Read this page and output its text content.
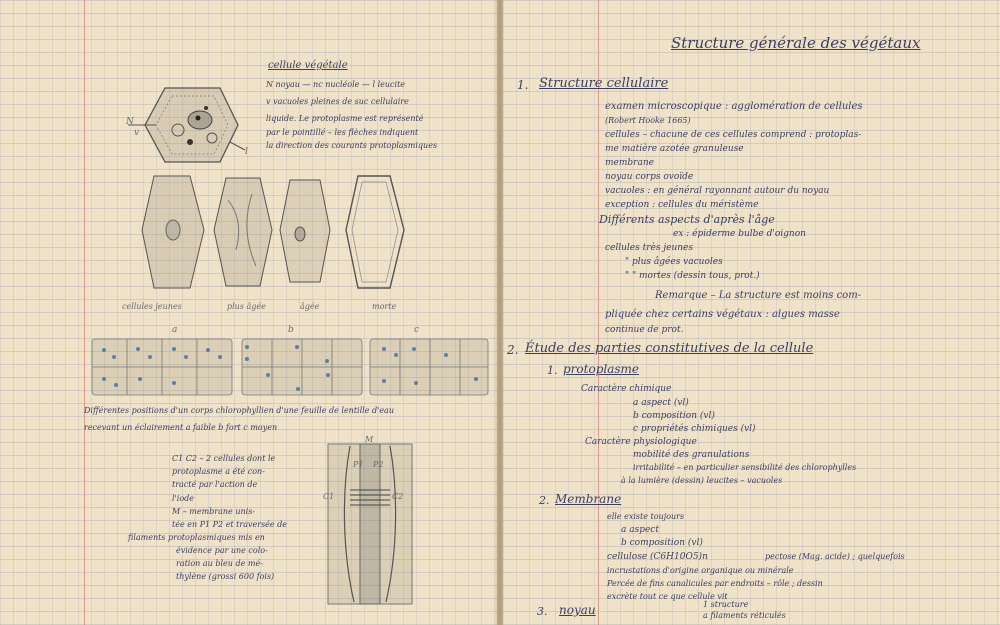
N
v
l
cellule végétale
N noyau — nc nucléole — l leucite
v vacuoles pleines de suc cellulaire
liquide. Le protoplasme est représenté
par le pointillé – les flèches indiquent
la direction des courants protoplasmiques
cellules jeunes	plus âgée	âgée	morte
a	b	c
Différentes positions d'un corps chlorophyllien d'une feuille de lentille d'eau
recevant un éclairement a faible b fort c moyen
C1 C2 – 2 cellules dont le
protoplasme a été con-
tracté par l'action de
l'iode
M – membrane unis-
tée en P1 P2 et traversée de
filaments protoplasmiques mis en
évidence par une colo-
ration au bleu de mé-
thylène (grossi 600 fois)
M
P1 P2
C1	C2
Structure générale des végétaux
1. Structure cellulaire
examen microscopique : agglomération de cellules
(Robert Hooke 1665)
cellules – chacune de ces cellules comprend : protoplas-
me matière azotée granuleuse
membrane
noyau corps ovoïde
vacuoles : en général rayonnant autour du noyau
exception : cellules du méristème
Différents aspects d'après l'âge
ex : épiderme bulbe d'oignon
cellules très jeunes
" plus âgées vacuoles
" " mortes (dessin tous, prot.)
Remarque – La structure est moins com-
pliquée chez certains végétaux : algues masse
continue de prot.
2. Étude des parties constitutives de la cellule
1. protoplasme
Caractère chimique
a aspect (vl)
b composition (vl)
c propriétés chimiques (vl)
Caractère physiologique
mobilité des granulations
irritabilité – en particulier sensibilité des chlorophylles
à la lumière (dessin) leucites – vacuoles
2. Membrane
elle existe toujours
a aspect
b composition (vl)
cellulose (C6H10O5)n	pectose (Mag. acide) ; quelquefois
incrustations d'origine organique ou minérale
Percée de fins canalicules par endroits – rôle ; dessin
excrète tout ce que cellule vit
3. noyau	1 structure
a filaments réticulés
